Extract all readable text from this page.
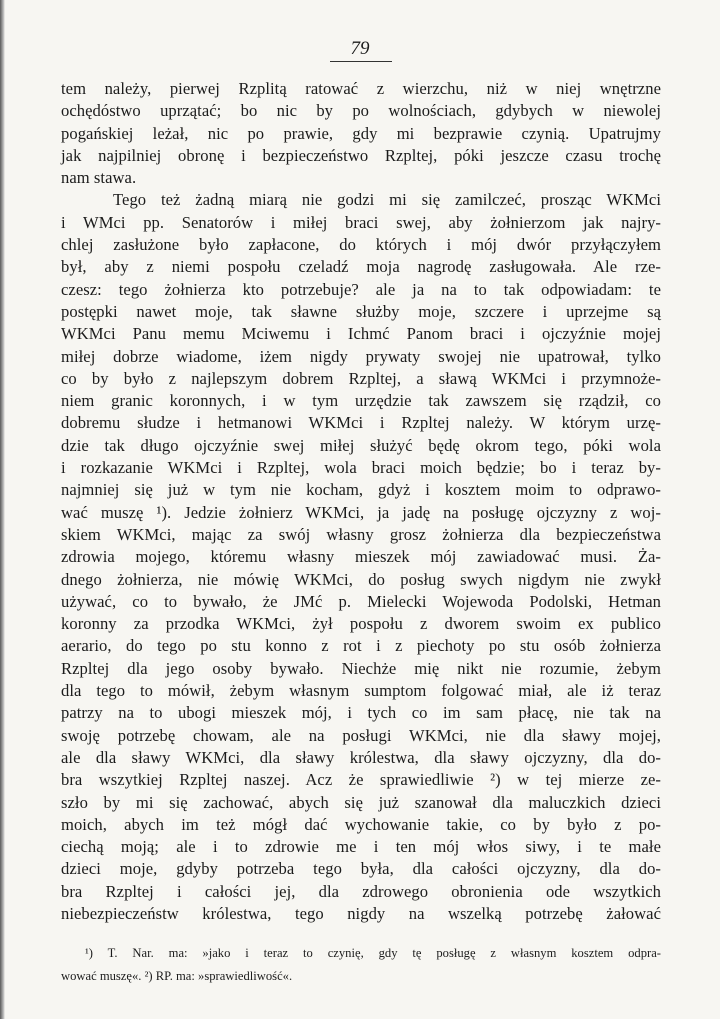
79
tem należy, pierwej Rzplitą ratować z wierzchu, niż w niej wnętrzne
ochędóstwo uprzątać; bo nic by po wolnościach, gdybych w niewolej
pogańskiej leżał, nic po prawie, gdy mi bezprawie czynią. Upatrujmy
jak najpilniej obronę i bezpieczeństwo Rzpltej, póki jeszcze czasu trochę
nam stawa.
Tego też żadną miarą nie godzi mi się zamilczeć, prosząc WKMci
i WMci pp. Senatorów i miłej braci swej, aby żołnierzom jak najry-
chlej zasłużone było zapłacone, do których i mój dwór przyłączyłem
był, aby z niemi pospołu czeladź moja nagrodę zasługowała. Ale rze-
czesz: tego żołnierza kto potrzebuje? ale ja na to tak odpowiadam: te
postępki nawet moje, tak sławne służby moje, szczere i uprzejme są
WKMci Panu memu Mciwemu i Ichmć Panom braci i ojczyźnie mojej
miłej dobrze wiadome, iżem nigdy prywaty swojej nie upatrował, tylko
co by było z najlepszym dobrem Rzpltej, a sławą WKMci i przymnoże-
niem granic koronnych, i w tym urzędzie tak zawszem się rządził, co
dobremu słudze i hetmanowi WKMci i Rzpltej należy. W którym urzę-
dzie tak długo ojczyźnie swej miłej służyć będę okrom tego, póki wola
i rozkazanie WKMci i Rzpltej, wola braci moich będzie; bo i teraz by-
najmniej się już w tym nie kocham, gdyż i kosztem moim to odprawo-
wać muszę ¹). Jedzie żołnierz WKMci, ja jadę na posługę ojczyzny z woj-
skiem WKMci, mając za swój własny grosz żołnierza dla bezpieczeństwa
zdrowia mojego, któremu własny mieszek mój zawiadować musi. Ża-
dnego żołnierza, nie mówię WKMci, do posług swych nigdym nie zwykł
używać, co to bywało, że JMć p. Mielecki Wojewoda Podolski, Hetman
koronny za przodka WKMci, żył pospołu z dworem swoim ex publico
aerario, do tego po stu konno z rot i z piechoty po stu osób żołnierza
Rzpltej dla jego osoby bywało. Niechże mię nikt nie rozumie, żebym
dla tego to mówił, żebym własnym sumptom folgować miał, ale iż teraz
patrzy na to ubogi mieszek mój, i tych co im sam płacę, nie tak na
swoję potrzebę chowam, ale na posługi WKMci, nie dla sławy mojej,
ale dla sławy WKMci, dla sławy królestwa, dla sławy ojczyzny, dla do-
bra wszytkiej Rzpltej naszej. Acz że sprawiedliwie ²) w tej mierze ze-
szło by mi się zachować, abych się już szanował dla maluczkich dzieci
moich, abych im też mógł dać wychowanie takie, co by było z po-
ciechą moją; ale i to zdrowie me i ten mój włos siwy, i te małe
dzieci moje, gdyby potrzeba tego była, dla całości ojczyzny, dla do-
bra Rzpltej i całości jej, dla zdrowego obronienia ode wszytkich
niebezpieczeństw królestwa, tego nigdy na wszelką potrzebę żałować
¹) T. Nar. ma: »jako i teraz to czynię, gdy tę posługę z własnym kosztem odpra-
wować muszę«. ²) RP. ma: »sprawiedliwość«.
